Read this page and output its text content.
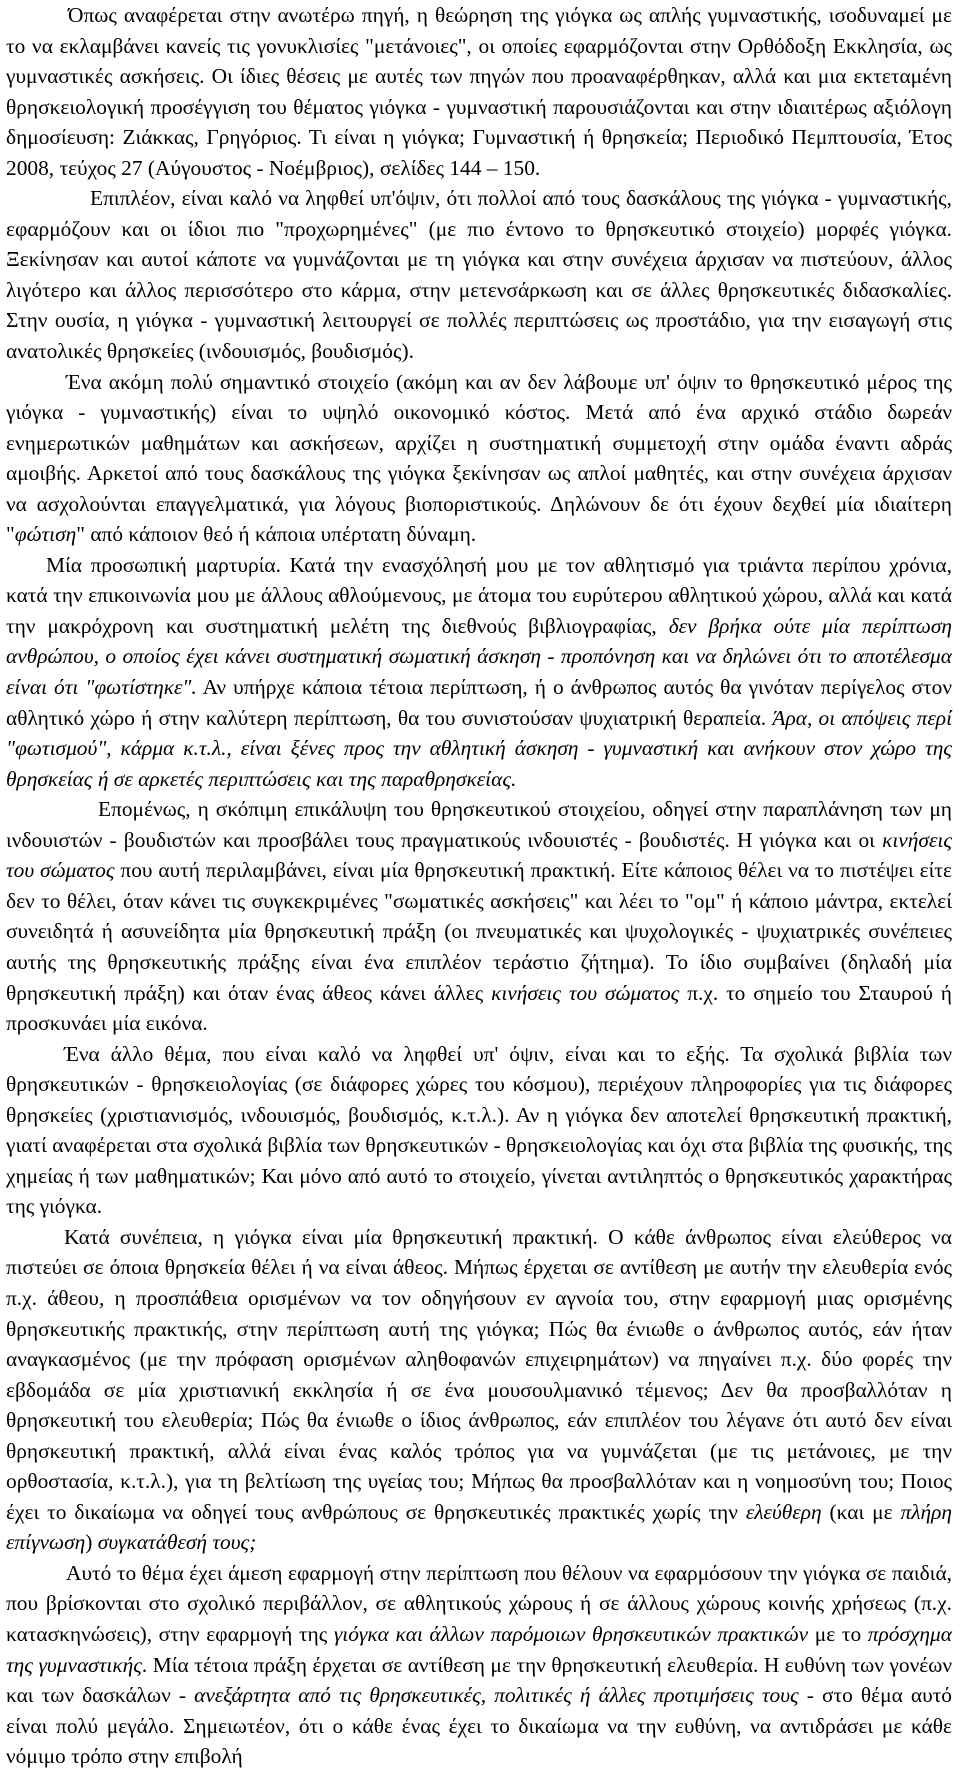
Όπως αναφέρεται στην ανωτέρω πηγή, η θεώρηση της γιόγκα ως απλής γυμναστικής, ισοδυναμεί με το να εκλαμβάνει κανείς τις γονυκλισίες "μετάνοιες", οι οποίες εφαρμόζονται στην Ορθόδοξη Εκκλησία, ως γυμναστικές ασκήσεις. Οι ίδιες θέσεις με αυτές των πηγών που προαναφέρθηκαν, αλλά και μια εκτεταμένη θρησκειολογική προσέγγιση του θέματος γιόγκα - γυμναστική παρουσιάζονται και στην ιδιαιτέρως αξιόλογη δημοσίευση: Ζιάκκας, Γρηγόριος. Τι είναι η γιόγκα; Γυμναστική ή θρησκεία; Περιοδικό Πεμπτουσία, Έτος 2008, τεύχος 27 (Αύγουστος - Νοέμβριος), σελίδες 144 – 150.

Επιπλέον, είναι καλό να ληφθεί υπ'όψιν, ότι πολλοί από τους δασκάλους της γιόγκα - γυμναστικής, εφαρμόζουν και οι ίδιοι πιο "προχωρημένες" (με πιο έντονο το θρησκευτικό στοιχείο) μορφές γιόγκα. Ξεκίνησαν και αυτοί κάποτε να γυμνάζονται με τη γιόγκα και στην συνέχεια άρχισαν να πιστεύουν, άλλος λιγότερο και άλλος περισσότερο στο κάρμα, στην μετενσάρκωση και σε άλλες θρησκευτικές διδασκαλίες. Στην ουσία, η γιόγκα - γυμναστική λειτουργεί σε πολλές περιπτώσεις ως προστάδιο, για την εισαγωγή στις ανατολικές θρησκείες (ινδουισμός, βουδισμός).

Ένα ακόμη πολύ σημαντικό στοιχείο (ακόμη και αν δεν λάβουμε υπ' όψιν το θρησκευτικό μέρος της γιόγκα - γυμναστικής) είναι το υψηλό οικονομικό κόστος. Μετά από ένα αρχικό στάδιο δωρεάν ενημερωτικών μαθημάτων και ασκήσεων, αρχίζει η συστηματική συμμετοχή στην ομάδα έναντι αδράς αμοιβής. Αρκετοί από τους δασκάλους της γιόγκα ξεκίνησαν ως απλοί μαθητές, και στην συνέχεια άρχισαν να ασχολούνται επαγγελματικά, για λόγους βιοποριστικούς. Δηλώνουν δε ότι έχουν δεχθεί μία ιδιαίτερη "φώτιση" από κάποιον θεό ή κάποια υπέρτατη δύναμη.

Μία προσωπική μαρτυρία. Κατά την ενασχόλησή μου με τον αθλητισμό για τριάντα περίπου χρόνια, κατά την επικοινωνία μου με άλλους αθλούμενους, με άτομα του ευρύτερου αθλητικού χώρου, αλλά και κατά την μακρόχρονη και συστηματική μελέτη της διεθνούς βιβλιογραφίας, δεν βρήκα ούτε μία περίπτωση ανθρώπου, ο οποίος έχει κάνει συστηματική σωματική άσκηση - προπόνηση και να δηλώνει ότι το αποτέλεσμα είναι ότι "φωτίστηκε". Αν υπήρχε κάποια τέτοια περίπτωση, ή ο άνθρωπος αυτός θα γινόταν περίγελος στον αθλητικό χώρο ή στην καλύτερη περίπτωση, θα του συνιστούσαν ψυχιατρική θεραπεία. Άρα, οι απόψεις περί "φωτισμού", κάρμα κ.τ.λ., είναι ξένες προς την αθλητική άσκηση - γυμναστική και ανήκουν στον χώρο της θρησκείας ή σε αρκετές περιπτώσεις και της παραθρησκείας.

Επομένως, η σκόπιμη επικάλυψη του θρησκευτικού στοιχείου, οδηγεί στην παραπλάνηση των μη ινδουιστών - βουδιστών και προσβάλει τους πραγματικούς ινδουιστές - βουδιστές. Η γιόγκα και οι κινήσεις του σώματος που αυτή περιλαμβάνει, είναι μία θρησκευτική πρακτική. Είτε κάποιος θέλει να το πιστέψει είτε δεν το θέλει, όταν κάνει τις συγκεκριμένες "σωματικές ασκήσεις" και λέει το "ομ" ή κάποιο μάντρα, εκτελεί συνειδητά ή ασυνείδητα μία θρησκευτική πράξη (οι πνευματικές και ψυχολογικές - ψυχιατρικές συνέπειες αυτής της θρησκευτικής πράξης είναι ένα επιπλέον τεράστιο ζήτημα). Το ίδιο συμβαίνει (δηλαδή μία θρησκευτική πράξη) και όταν ένας άθεος κάνει άλλες κινήσεις του σώματος π.χ. το σημείο του Σταυρού ή προσκυνάει μία εικόνα.

Ένα άλλο θέμα, που είναι καλό να ληφθεί υπ' όψιν, είναι και το εξής. Τα σχολικά βιβλία των θρησκευτικών - θρησκειολογίας (σε διάφορες χώρες του κόσμου), περιέχουν πληροφορίες για τις διάφορες θρησκείες (χριστιανισμός, ινδουισμός, βουδισμός, κ.τ.λ.). Αν η γιόγκα δεν αποτελεί θρησκευτική πρακτική, γιατί αναφέρεται στα σχολικά βιβλία των θρησκευτικών - θρησκειολογίας και όχι στα βιβλία της φυσικής, της χημείας ή των μαθηματικών; Και μόνο από αυτό το στοιχείο, γίνεται αντιληπτός ο θρησκευτικός χαρακτήρας της γιόγκα.

Κατά συνέπεια, η γιόγκα είναι μία θρησκευτική πρακτική. Ο κάθε άνθρωπος είναι ελεύθερος να πιστεύει σε όποια θρησκεία θέλει ή να είναι άθεος. Μήπως έρχεται σε αντίθεση με αυτήν την ελευθερία ενός π.χ. άθεου, η προσπάθεια ορισμένων να τον οδηγήσουν εν αγνοία του, στην εφαρμογή μιας ορισμένης θρησκευτικής πρακτικής, στην περίπτωση αυτή της γιόγκα; Πώς θα ένιωθε ο άνθρωπος αυτός, εάν ήταν αναγκασμένος (με την πρόφαση ορισμένων αληθοφανών επιχειρημάτων) να πηγαίνει π.χ. δύο φορές την εβδομάδα σε μία χριστιανική εκκλησία ή σε ένα μουσουλμανικό τέμενος; Δεν θα προσβαλλόταν η θρησκευτική του ελευθερία; Πώς θα ένιωθε ο ίδιος άνθρωπος, εάν επιπλέον του λέγανε ότι αυτό δεν είναι θρησκευτική πρακτική, αλλά είναι ένας καλός τρόπος για να γυμνάζεται (με τις μετάνοιες, με την ορθοστασία, κ.τ.λ.), για τη βελτίωση της υγείας του; Μήπως θα προσβαλλόταν και η νοημοσύνη του; Ποιος έχει το δικαίωμα να οδηγεί τους ανθρώπους σε θρησκευτικές πρακτικές χωρίς την ελεύθερη (και με πλήρη επίγνωση) συγκατάθεσή τους;

Αυτό το θέμα έχει άμεση εφαρμογή στην περίπτωση που θέλουν να εφαρμόσουν την γιόγκα σε παιδιά, που βρίσκονται στο σχολικό περιβάλλον, σε αθλητικούς χώρους ή σε άλλους χώρους κοινής χρήσεως (π.χ. κατασκηνώσεις), στην εφαρμογή της γιόγκα και άλλων παρόμοιων θρησκευτικών πρακτικών με το πρόσχημα της γυμναστικής. Μία τέτοια πράξη έρχεται σε αντίθεση με την θρησκευτική ελευθερία. Η ευθύνη των γονέων και των δασκάλων - ανεξάρτητα από τις θρησκευτικές, πολιτικές ή άλλες προτιμήσεις τους - στο θέμα αυτό είναι πολύ μεγάλο. Σημειωτέον, ότι ο κάθε ένας έχει το δικαίωμα να την ευθύνη, να αντιδράσει με κάθε νόμιμο τρόπο στην επιβολή
